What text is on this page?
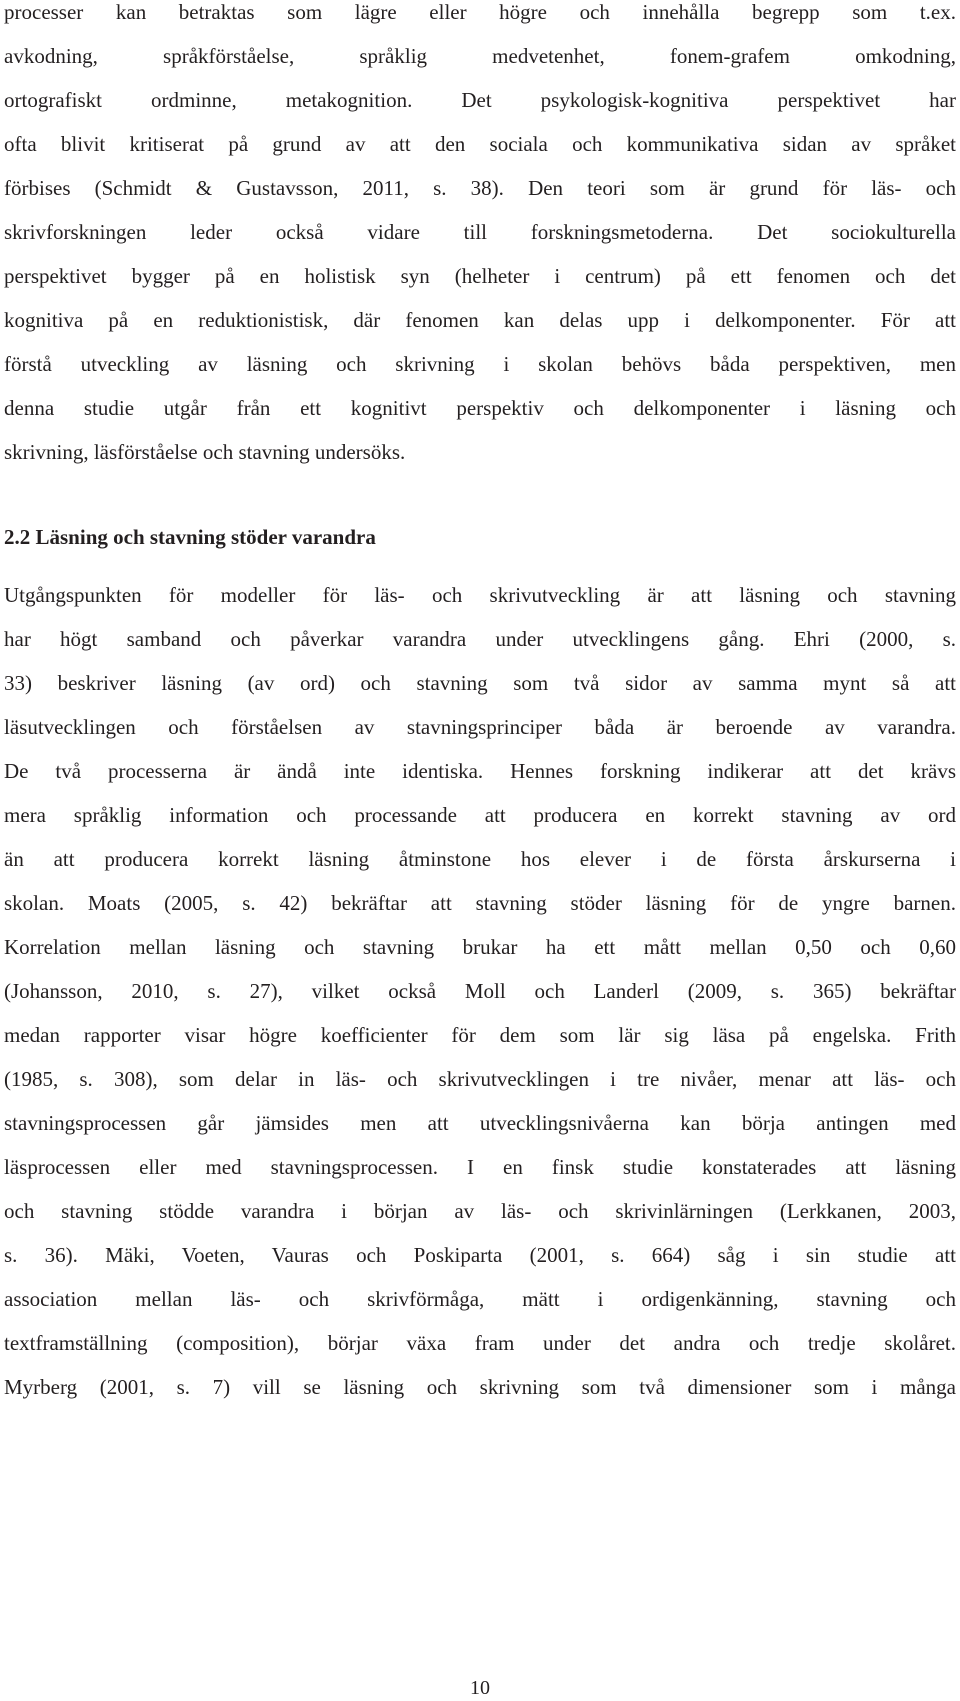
processer kan betraktas som lägre eller högre och innehålla begrepp som t.ex.
avkodning, språkförståelse, språklig medvetenhet, fonem-grafem omkodning,
ortografiskt ordminne, metakognition. Det psykologisk-kognitiva perspektivet har
ofta blivit kritiserat på grund av att den sociala och kommunikativa sidan av språket
förbises (Schmidt & Gustavsson, 2011, s. 38). Den teori som är grund för läs- och
skrivforskningen leder också vidare till forskningsmetoderna. Det sociokulturella
perspektivet bygger på en holistisk syn (helheter i centrum) på ett fenomen och det
kognitiva på en reduktionistisk, där fenomen kan delas upp i delkomponenter. För att
förstå utveckling av läsning och skrivning i skolan behövs båda perspektiven, men
denna studie utgår från ett kognitivt perspektiv och delkomponenter i läsning och
skrivning, läsförståelse och stavning undersöks.
2.2 Läsning och stavning stöder varandra
Utgångspunkten för modeller för läs- och skrivutveckling är att läsning och stavning
har högt samband och påverkar varandra under utvecklingens gång. Ehri (2000, s.
33) beskriver läsning (av ord) och stavning som två sidor av samma mynt så att
läsutvecklingen och förståelsen av stavningsprinciper båda är beroende av varandra.
De två processerna är ändå inte identiska. Hennes forskning indikerar att det krävs
mera språklig information och processande att producera en korrekt stavning av ord
än att producera korrekt läsning åtminstone hos elever i de första årskurserna i
skolan. Moats (2005, s. 42) bekräftar att stavning stöder läsning för de yngre barnen.
Korrelation mellan läsning och stavning brukar ha ett mått mellan 0,50 och 0,60
(Johansson, 2010, s. 27), vilket också Moll och Landerl (2009, s. 365) bekräftar
medan rapporter visar högre koefficienter för dem som lär sig läsa på engelska. Frith
(1985, s. 308), som delar in läs- och skrivutvecklingen i tre nivåer, menar att läs- och
stavningsprocessen går jämsides men att utvecklingsnivåerna kan börja antingen med
läsprocessen eller med stavningsprocessen. I en finsk studie konstaterades att läsning
och stavning stödde varandra i början av läs- och skrivinlärningen (Lerkkanen, 2003,
s. 36). Mäki, Voeten, Vauras och Poskiparta (2001, s. 664) såg i sin studie att
association mellan läs- och skrivförmåga, mätt i ordigenkänning, stavning och
textframställning (composition), börjar växa fram under det andra och tredje skolåret.
Myrberg (2001, s. 7) vill se läsning och skrivning som två dimensioner som i många
10
